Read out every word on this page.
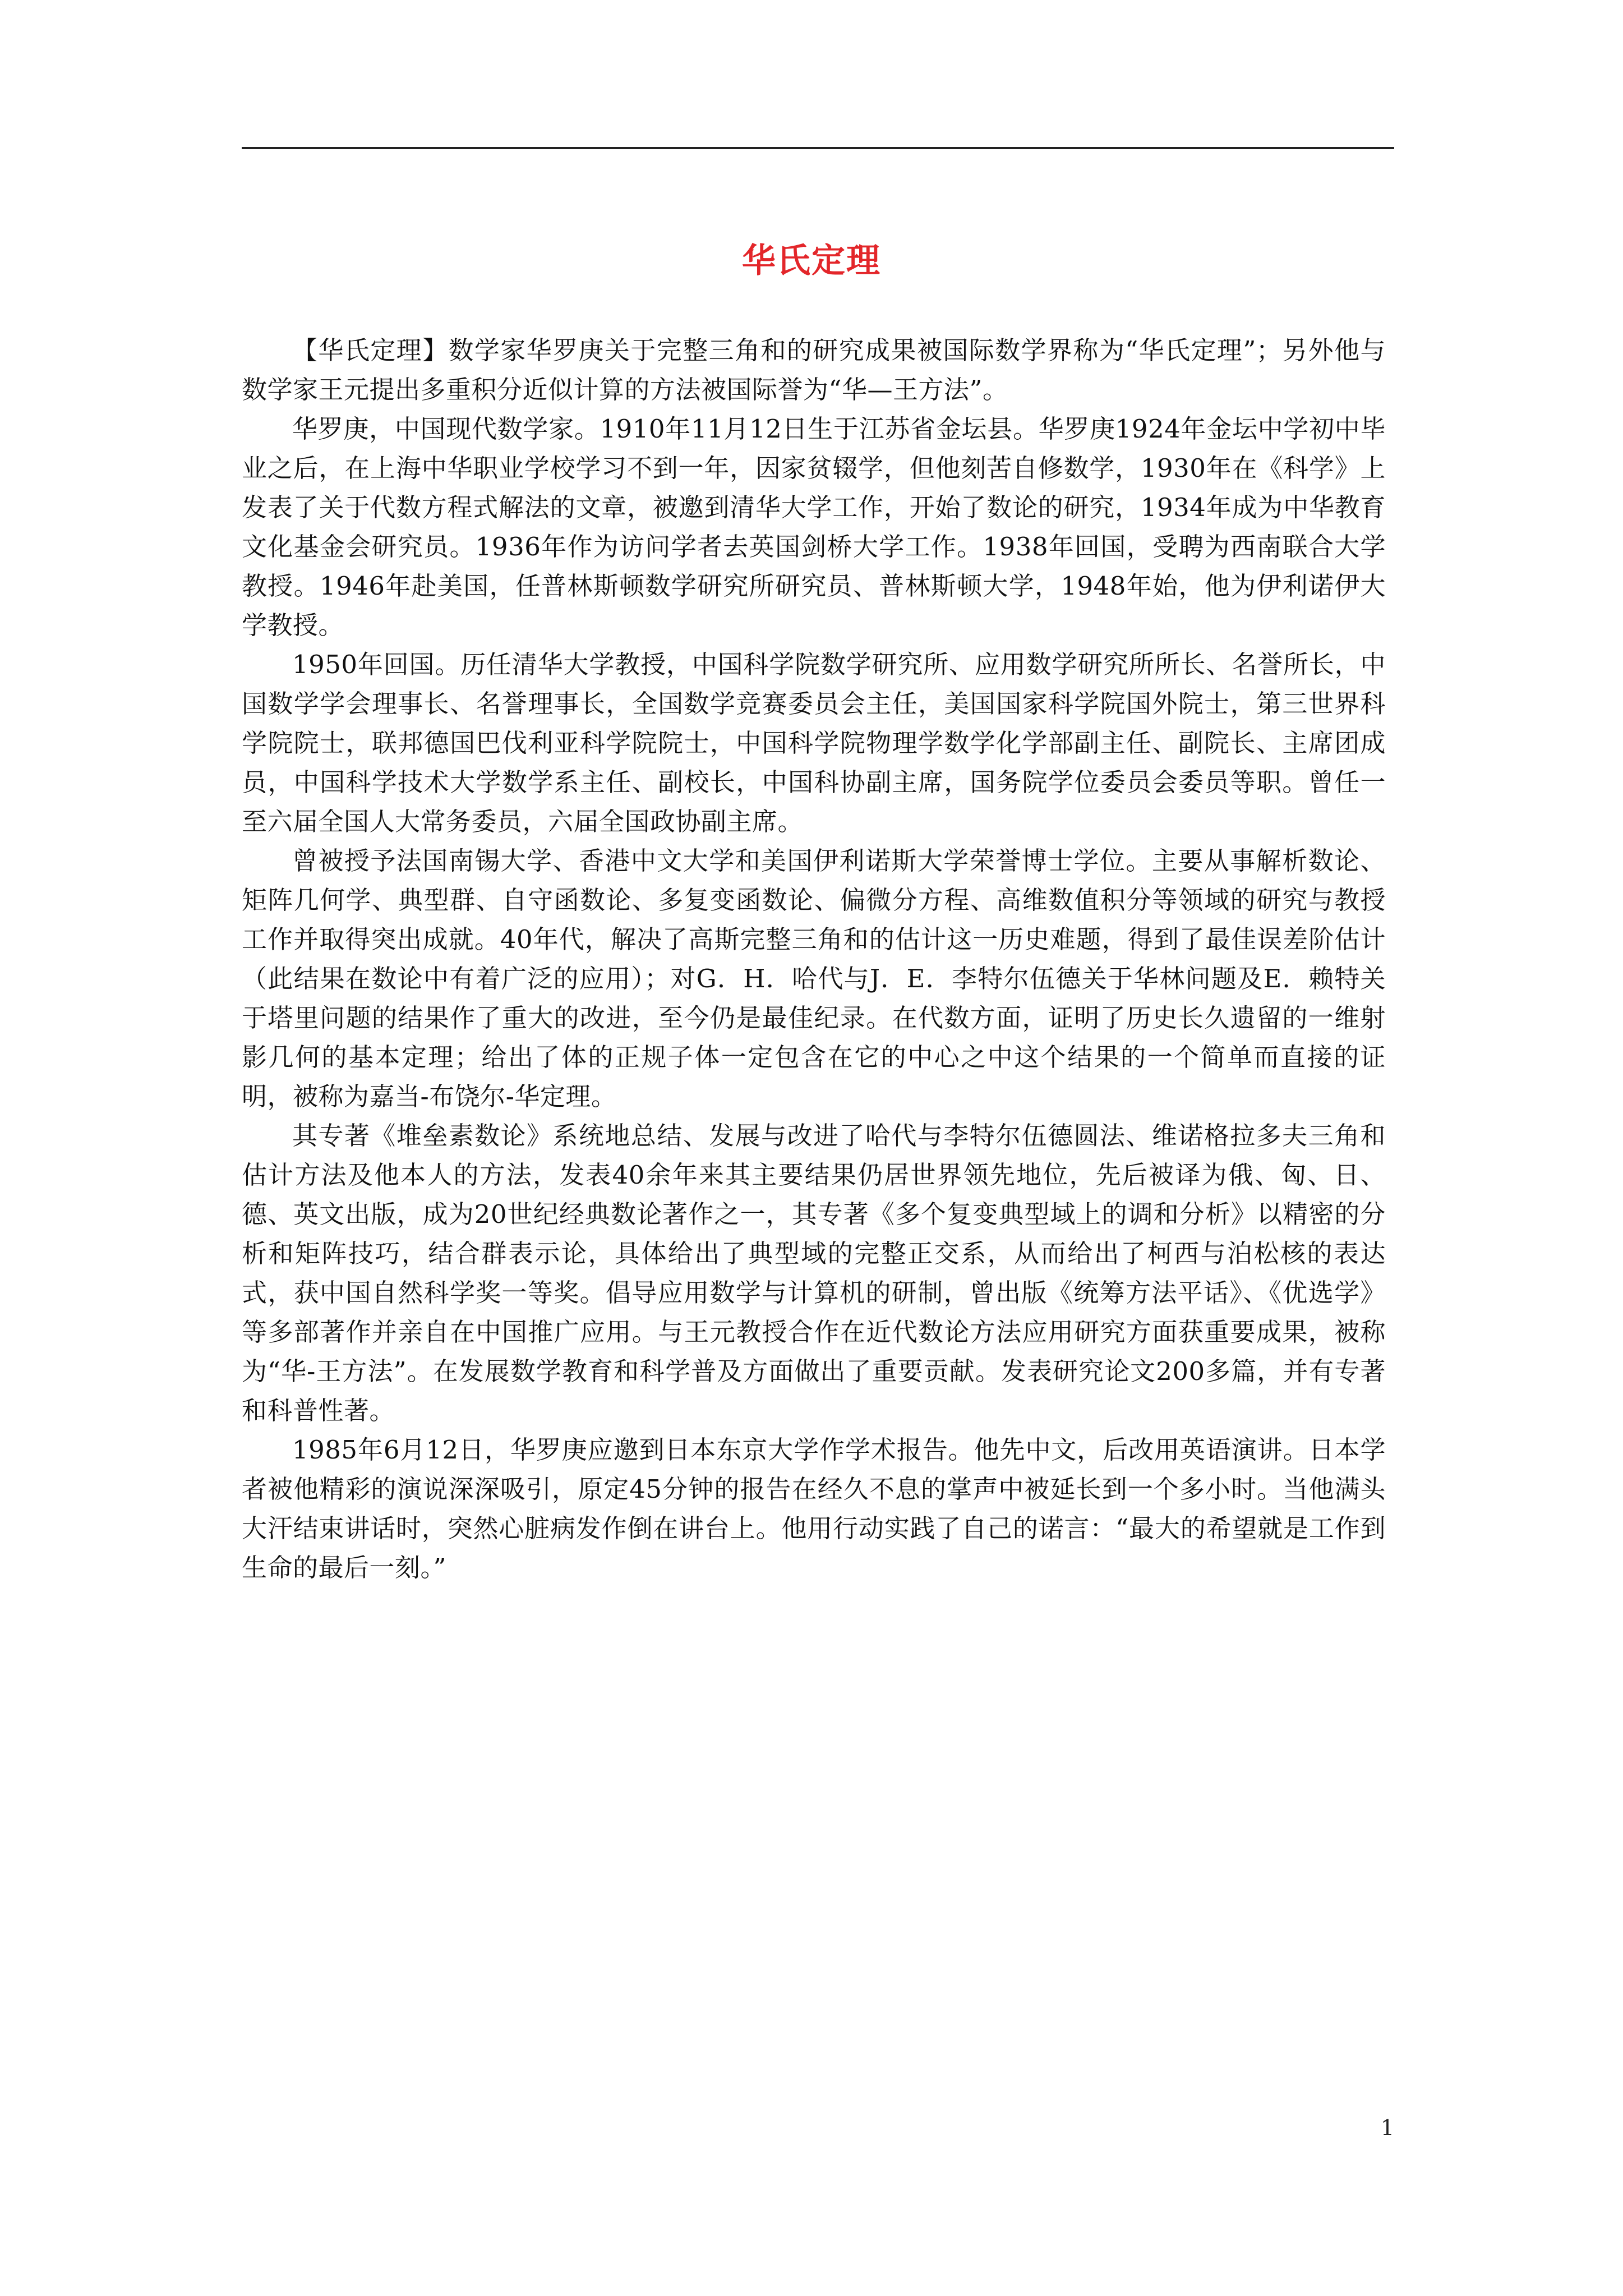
华氏定理

【华氏定理】数学家华罗庚关于完整三角和的研究成果被国际数学界称为“华氏定理”；另外他与数学家王元提出多重积分近似计算的方法被国际誉为“华—王方法”。

华罗庚，中国现代数学家。1910年11月12日生于江苏省金坛县。华罗庚1924年金坛中学初中毕业之后，在上海中华职业学校学习不到一年，因家贫辍学，但他刻苦自修数学，1930年在《科学》上发表了关于代数方程式解法的文章，被邀到清华大学工作，开始了数论的研究，1934年成为中华教育文化基金会研究员。1936年作为访问学者去英国剑桥大学工作。1938年回国，受聘为西南联合大学教授。1946年赴美国，任普林斯顿数学研究所研究员、普林斯顿大学，1948年始，他为伊利诺伊大学教授。

1950年回国。历任清华大学教授，中国科学院数学研究所、应用数学研究所所长、名誉所长，中国数学学会理事长、名誉理事长，全国数学竞赛委员会主任，美国国家科学院国外院士，第三世界科学院院士，联邦德国巴伐利亚科学院院士，中国科学院物理学数学化学部副主任、副院长、主席团成员，中国科学技术大学数学系主任、副校长，中国科协副主席，国务院学位委员会委员等职。曾任一至六届全国人大常务委员，六届全国政协副主席。

曾被授予法国南锡大学、香港中文大学和美国伊利诺斯大学荣誉博士学位。主要从事解析数论、矩阵几何学、典型群、自守函数论、多复变函数论、偏微分方程、高维数值积分等领域的研究与教授工作并取得突出成就。40年代，解决了高斯完整三角和的估计这一历史难题，得到了最佳误差阶估计（此结果在数论中有着广泛的应用）；对G．H．哈代与J．E．李特尔伍德关于华林问题及E．赖特关于塔里问题的结果作了重大的改进，至今仍是最佳纪录。在代数方面，证明了历史长久遗留的一维射影几何的基本定理；给出了体的正规子体一定包含在它的中心之中这个结果的一个简单而直接的证明，被称为嘉当-布饶尔-华定理。

其专著《堆垒素数论》系统地总结、发展与改进了哈代与李特尔伍德圆法、维诺格拉多夫三角和估计方法及他本人的方法，发表40余年来其主要结果仍居世界领先地位，先后被译为俄、匈、日、德、英文出版，成为20世纪经典数论著作之一，其专著《多个复变典型域上的调和分析》以精密的分析和矩阵技巧，结合群表示论，具体给出了典型域的完整正交系，从而给出了柯西与泊松核的表达式，获中国自然科学奖一等奖。倡导应用数学与计算机的研制，曾出版《统筹方法平话》、《优选学》等多部著作并亲自在中国推广应用。与王元教授合作在近代数论方法应用研究方面获重要成果，被称为“华-王方法”。在发展数学教育和科学普及方面做出了重要贡献。发表研究论文200多篇，并有专著和科普性著。

1985年6月12日，华罗庚应邀到日本东京大学作学术报告。他先中文，后改用英语演讲。日本学者被他精彩的演说深深吸引，原定45分钟的报告在经久不息的掌声中被延长到一个多小时。当他满头大汗结束讲话时，突然心脏病发作倒在讲台上。他用行动实践了自己的诺言：“最大的希望就是工作到生命的最后一刻。”

1
